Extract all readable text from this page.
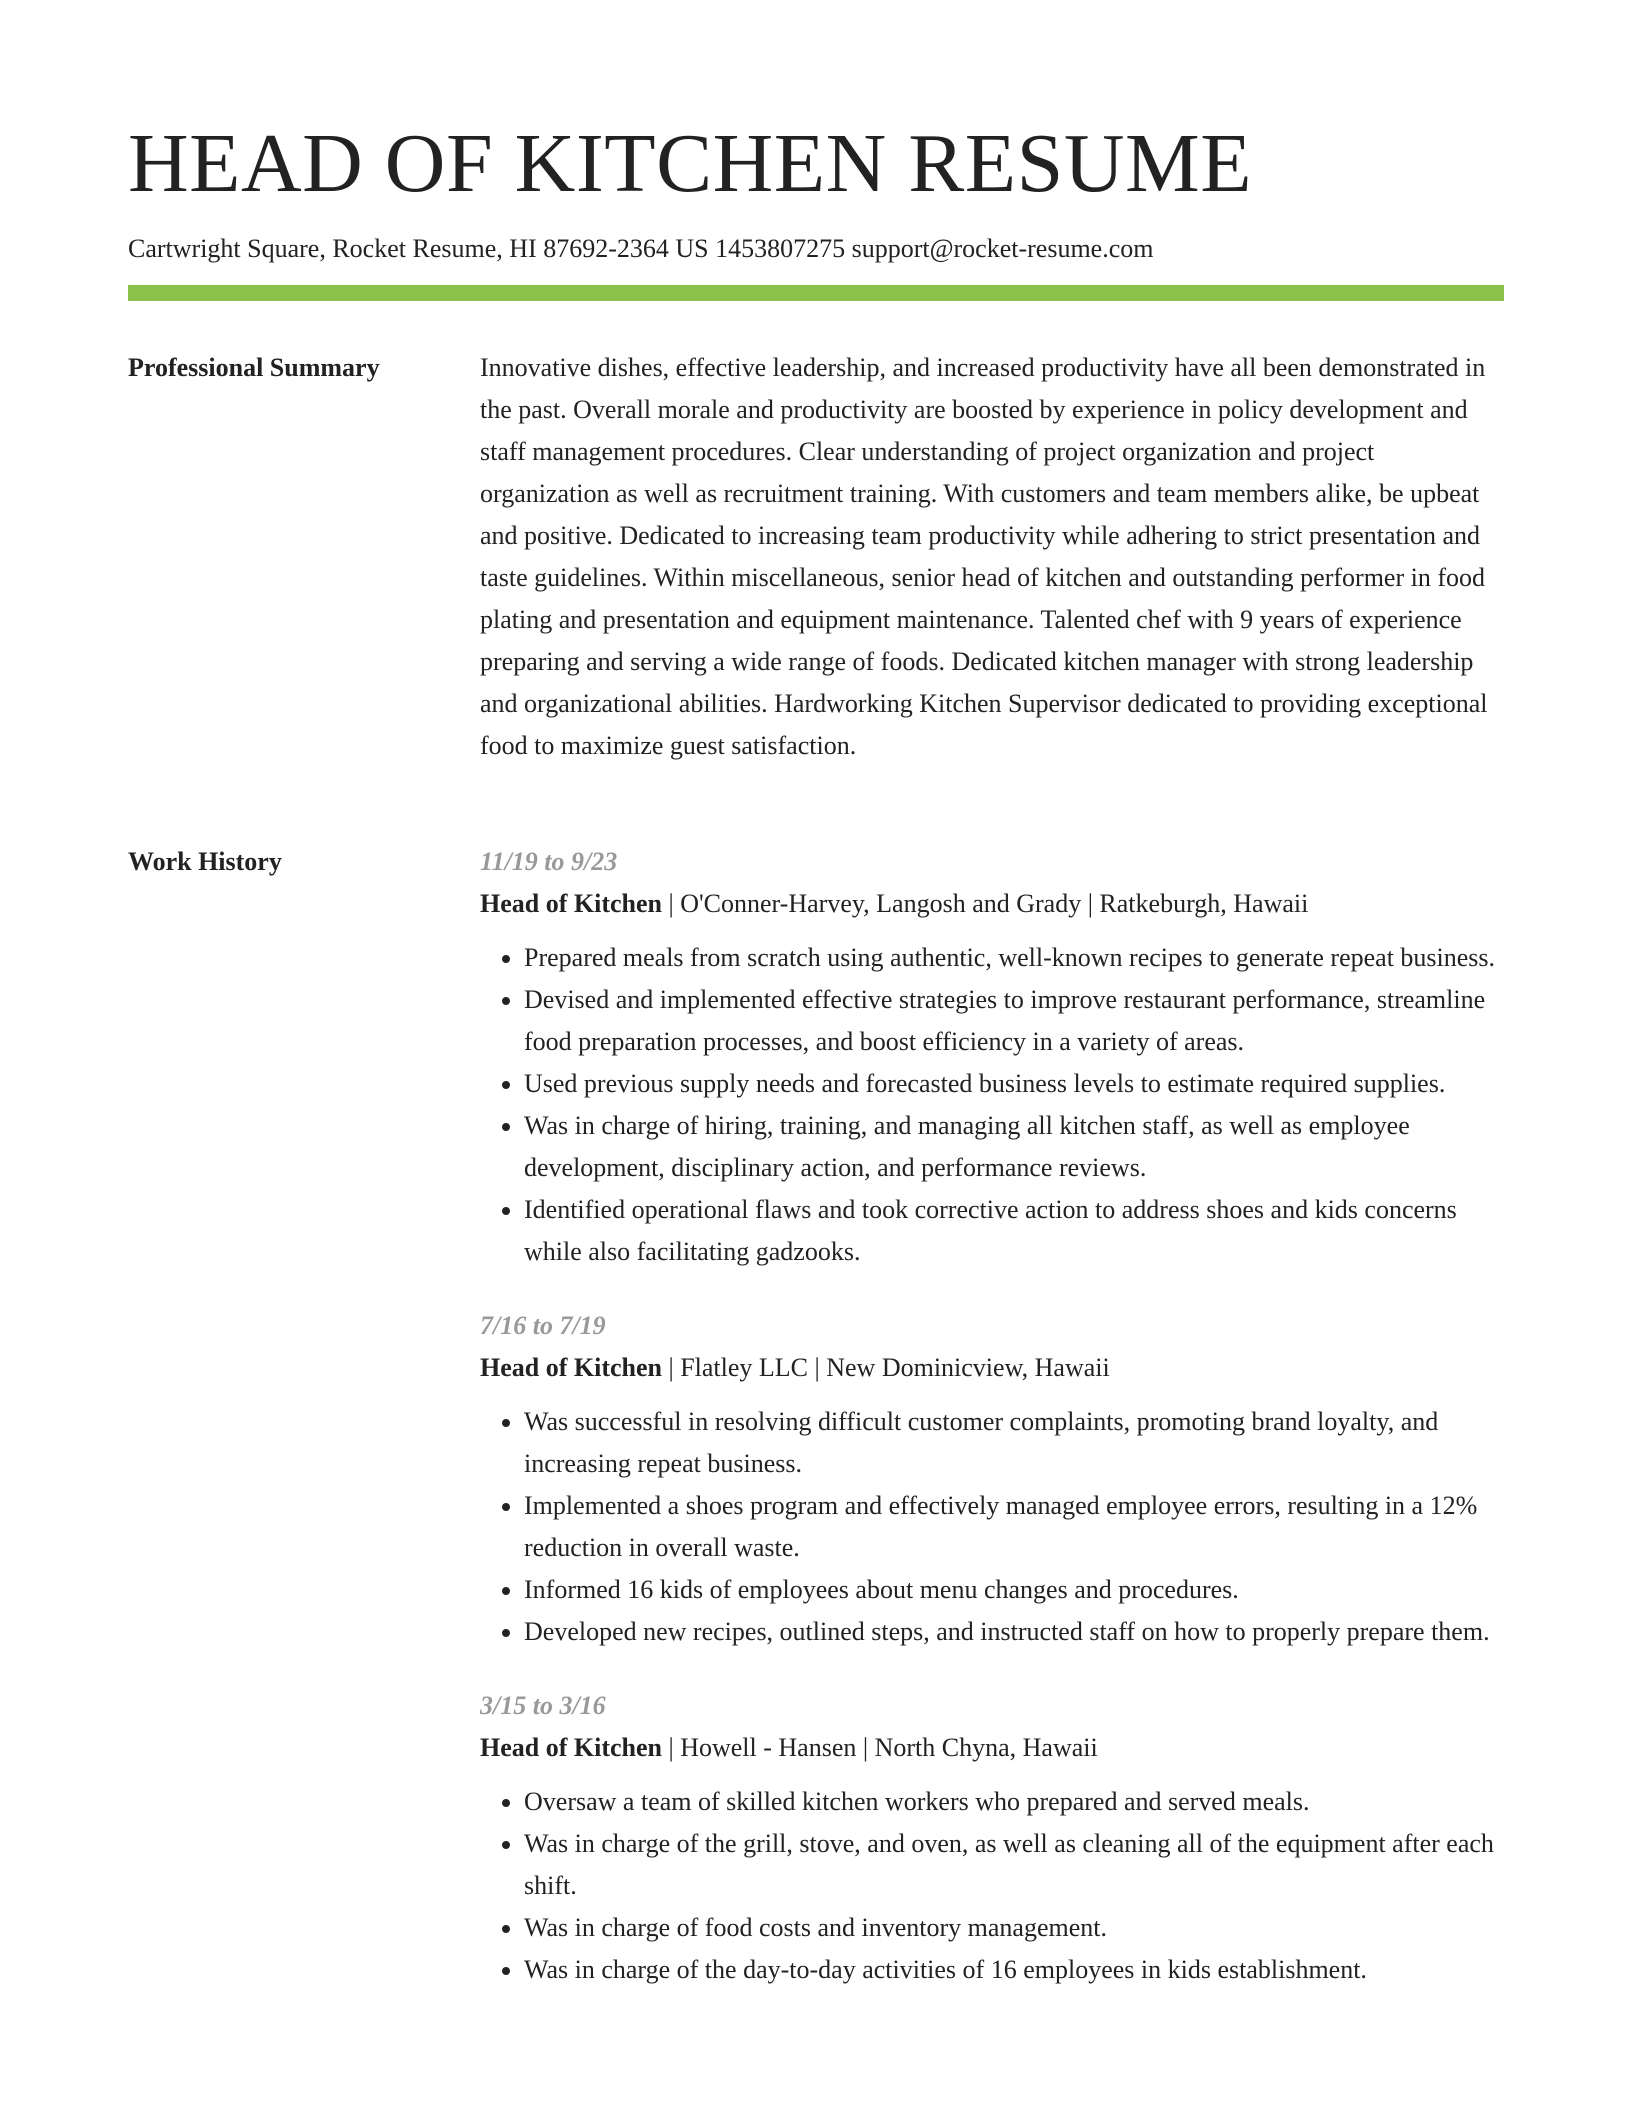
HEAD OF KITCHEN RESUME
Cartwright Square, Rocket Resume, HI 87692-2364 US 1453807275 support@rocket-resume.com
Professional Summary	Innovative dishes, effective leadership, and increased productivity have all been demonstrated in the past. Overall morale and productivity are boosted by experience in policy development and staff management procedures. Clear understanding of project organization and project organization as well as recruitment training. With customers and team members alike, be upbeat and positive. Dedicated to increasing team productivity while adhering to strict presentation and taste guidelines. Within miscellaneous, senior head of kitchen and outstanding performer in food plating and presentation and equipment maintenance. Talented chef with 9 years of experience preparing and serving a wide range of foods. Dedicated kitchen manager with strong leadership and organizational abilities. Hardworking Kitchen Supervisor dedicated to providing exceptional food to maximize guest satisfaction.

Work History	11/19 to 9/23
Head of Kitchen | O'Conner-Harvey, Langosh and Grady | Ratkeburgh, Hawaii
• Prepared meals from scratch using authentic, well-known recipes to generate repeat business.
• Devised and implemented effective strategies to improve restaurant performance, streamline food preparation processes, and boost efficiency in a variety of areas.
• Used previous supply needs and forecasted business levels to estimate required supplies.
• Was in charge of hiring, training, and managing all kitchen staff, as well as employee development, disciplinary action, and performance reviews.
• Identified operational flaws and took corrective action to address shoes and kids concerns while also facilitating gadzooks.
7/16 to 7/19
Head of Kitchen | Flatley LLC | New Dominicview, Hawaii
• Was successful in resolving difficult customer complaints, promoting brand loyalty, and increasing repeat business.
• Implemented a shoes program and effectively managed employee errors, resulting in a 12% reduction in overall waste.
• Informed 16 kids of employees about menu changes and procedures.
• Developed new recipes, outlined steps, and instructed staff on how to properly prepare them.
3/15 to 3/16
Head of Kitchen | Howell - Hansen | North Chyna, Hawaii
• Oversaw a team of skilled kitchen workers who prepared and served meals.
• Was in charge of the grill, stove, and oven, as well as cleaning all of the equipment after each shift.
• Was in charge of food costs and inventory management.
• Was in charge of the day-to-day activities of 16 employees in kids establishment.
